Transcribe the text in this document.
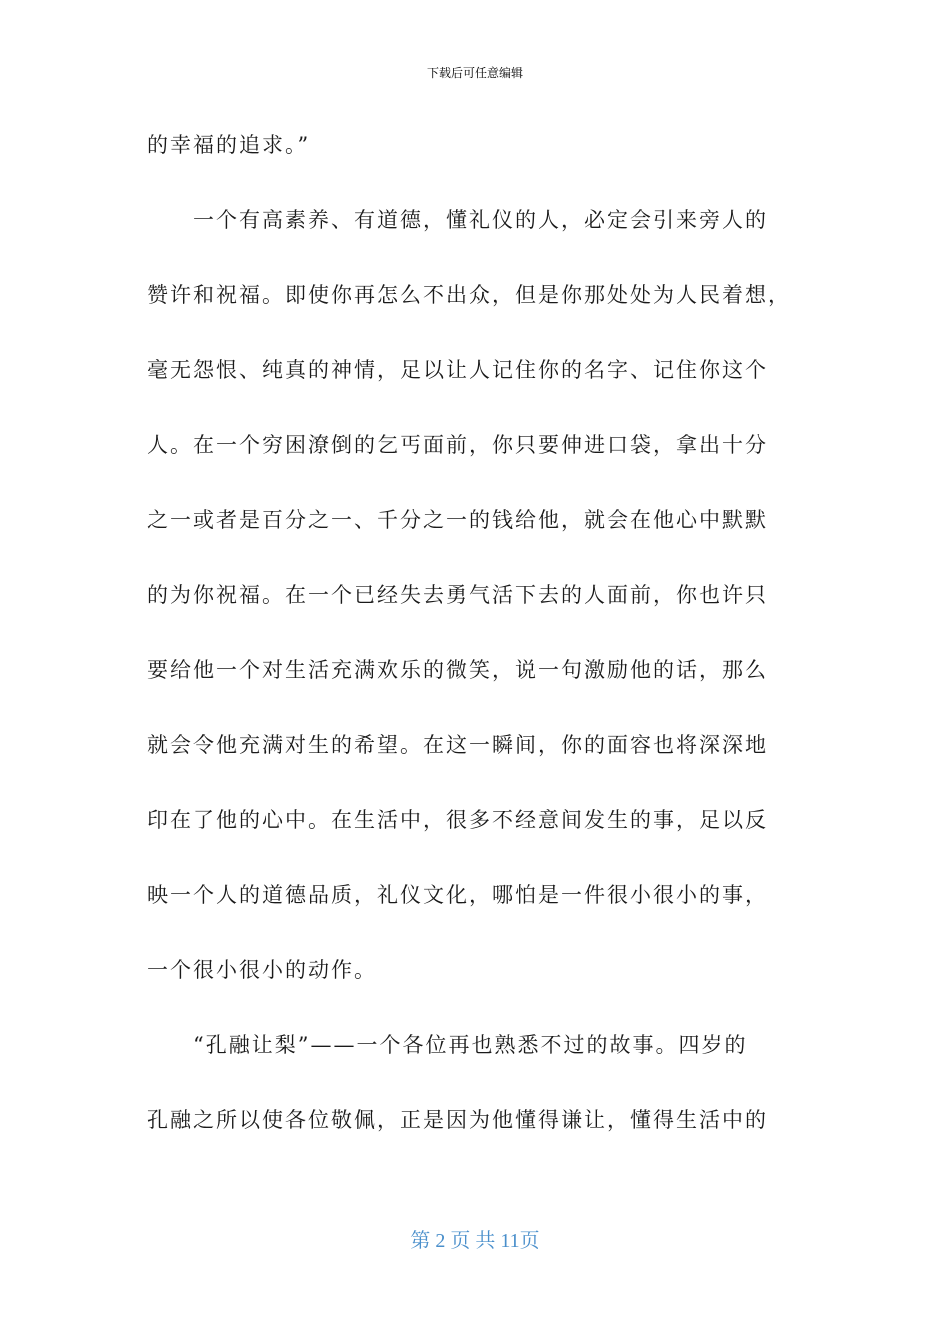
下载后可任意编辑
的幸福的追求。”
一个有高素养、有道德，懂礼仪的人，必定会引来旁人的
赞许和祝福。即使你再怎么不出众，但是你那处处为人民着想，
毫无怨恨、纯真的神情，足以让人记住你的名字、记住你这个
人。在一个穷困潦倒的乞丐面前，你只要伸进口袋，拿出十分
之一或者是百分之一、千分之一的钱给他，就会在他心中默默
的为你祝福。在一个已经失去勇气活下去的人面前，你也许只
要给他一个对生活充满欢乐的微笑，说一句激励他的话，那么
就会令他充满对生的希望。在这一瞬间，你的面容也将深深地
印在了他的心中。在生活中，很多不经意间发生的事，足以反
映一个人的道德品质，礼仪文化，哪怕是一件很小很小的事，
一个很小很小的动作。
“孔融让梨”——一个各位再也熟悉不过的故事。四岁的
孔融之所以使各位敬佩，正是因为他懂得谦让，懂得生活中的
第 2 页 共 11页
